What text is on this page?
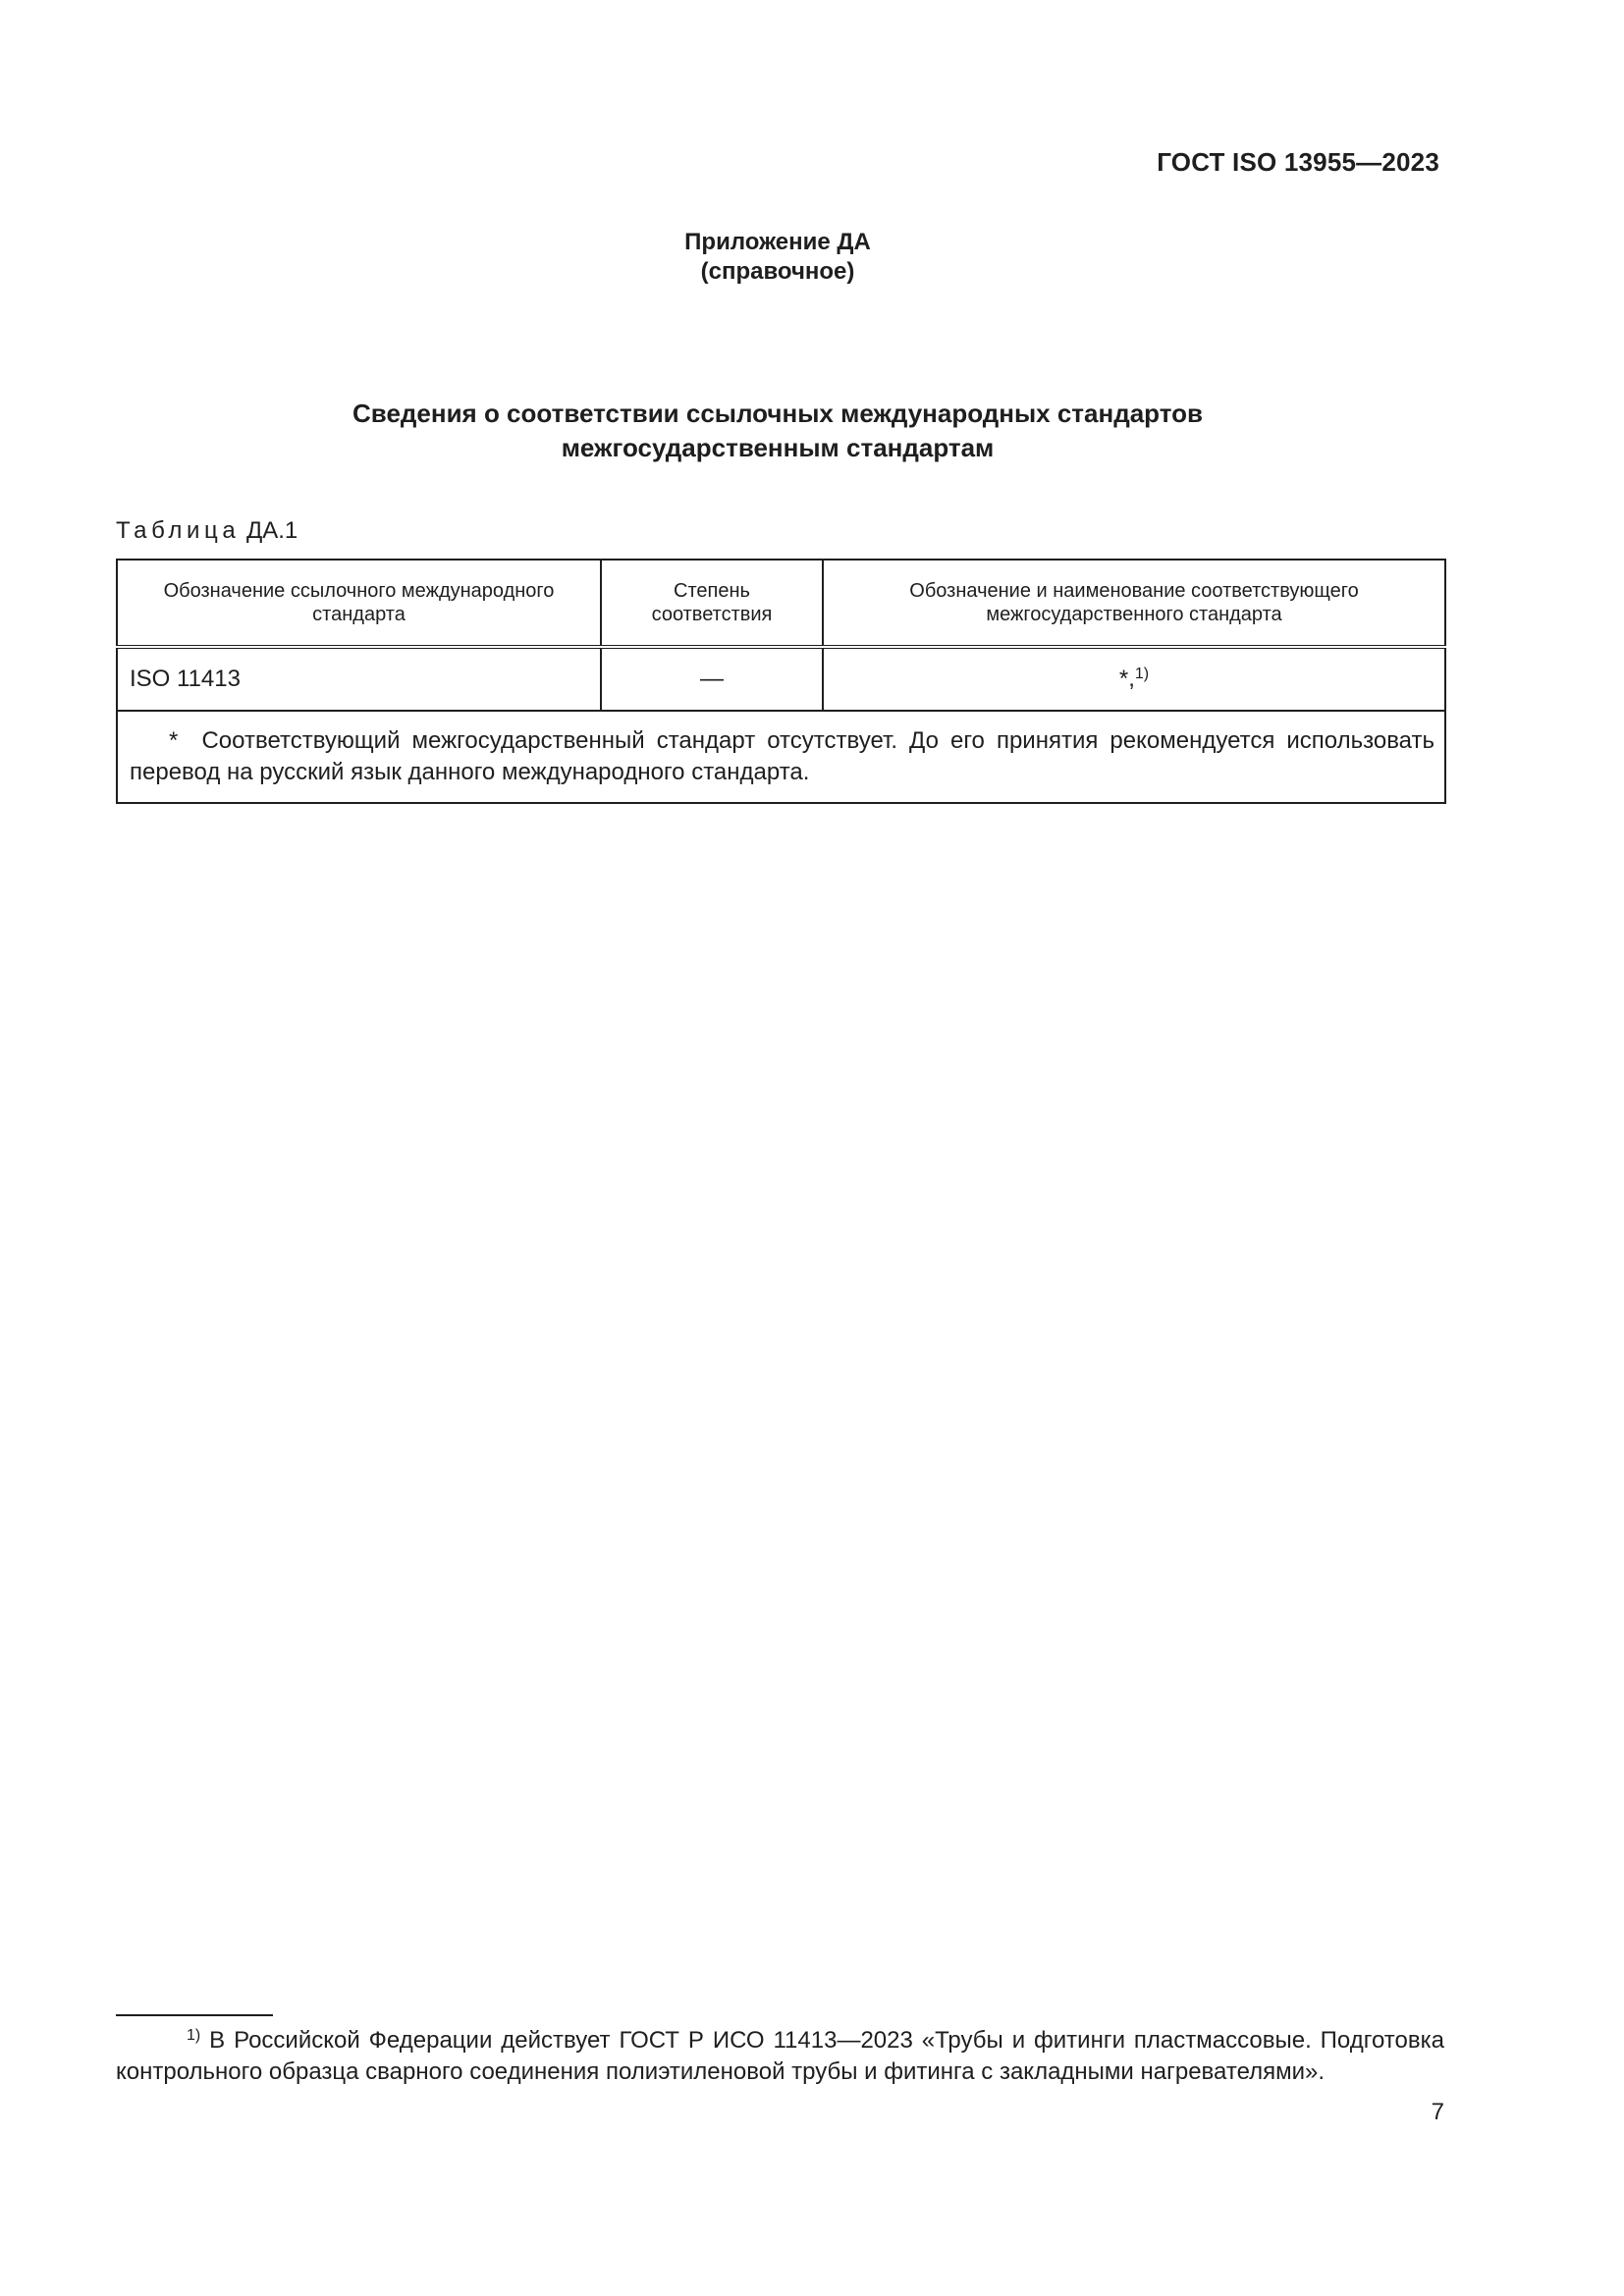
ГОСТ ISO 13955—2023
Приложение ДА
(справочное)
Сведения о соответствии ссылочных международных стандартов
межгосударственным стандартам
Таблица ДА.1
Обозначение ссылочного международного стандарта	Степень соответствия	Обозначение и наименование соответствующего межгосударственного стандарта
ISO 11413	—	*,$^{1)}$
* Соответствующий межгосударственный стандарт отсутствует. До его принятия рекомендуется использовать перевод на русский язык данного международного стандарта.		
$^{1)}$ В Российской Федерации действует ГОСТ Р ИСО 11413—2023 «Трубы и фитинги пластмассовые. Подготовка контрольного образца сварного соединения полиэтиленовой трубы и фитинга с закладными нагревателями».
7
